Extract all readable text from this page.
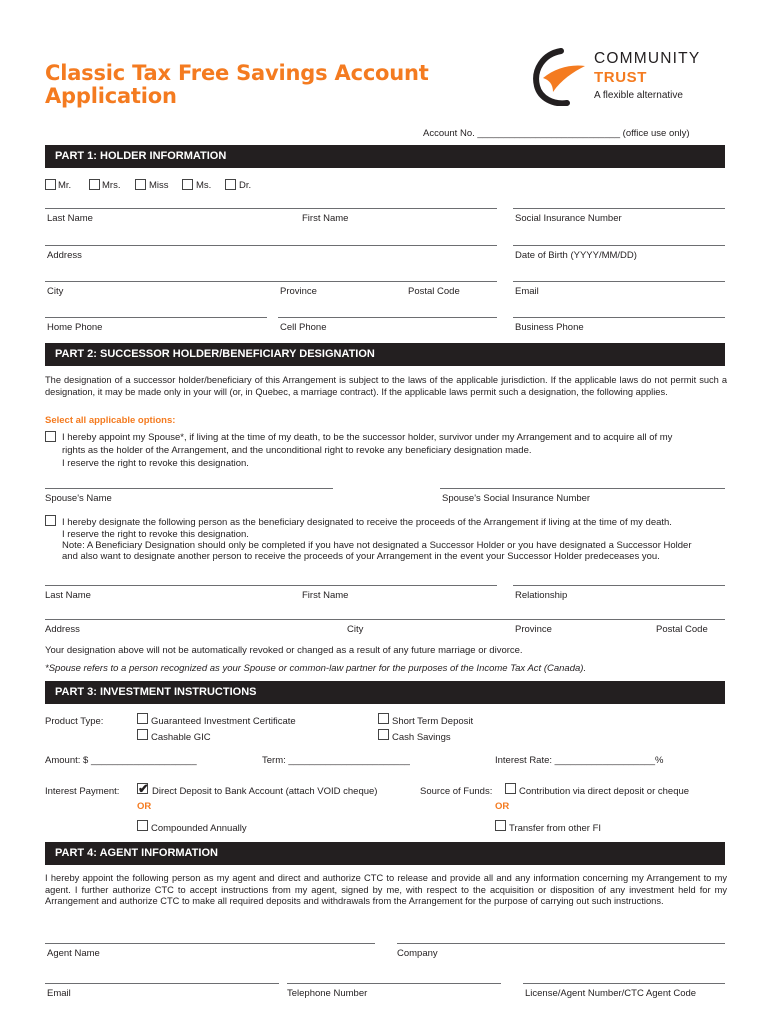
Classic Tax Free Savings Account
Application
COMMUNITY
TRUST
A flexible alternative
Account No. ___________________________ (office use only)
PART 1: HOLDER INFORMATION
Mr.	Mrs.	Miss	Ms.	Dr.
Last Name	First Name	Social Insurance Number
Address	Date of Birth (YYYY/MM/DD)
City	Province	Postal Code	Email
Home Phone	Cell Phone	Business Phone
PART 2: SUCCESSOR HOLDER/BENEFICIARY DESIGNATION
The designation of a successor holder/beneficiary of this Arrangement is subject to the laws of the applicable jurisdiction. If the applicable laws do not permit such a designation, it may be made only in your will (or, in Quebec, a marriage contract). If the applicable laws permit such a designation, the following applies.
Select all applicable options:
I hereby appoint my Spouse*, if living at the time of my death, to be the successor holder, survivor under my Arrangement and to acquire all of my
rights as the holder of the Arrangement, and the unconditional right to revoke any beneficiary designation made.
I reserve the right to revoke this designation.
Spouse's Name	Spouse's Social Insurance Number
I hereby designate the following person as the beneficiary designated to receive the proceeds of the Arrangement if living at the time of my death.
I reserve the right to revoke this designation.
Note: A Beneficiary Designation should only be completed if you have not designated a Successor Holder or you have designated a Successor Holder
and also want to designate another person to receive the proceeds of your Arrangement in the event your Successor Holder predeceases you.
Last Name	First Name	Relationship
Address	City	Province	Postal Code
Your designation above will not be automatically revoked or changed as a result of any future marriage or divorce.
*Spouse refers to a person recognized as your Spouse or common-law partner for the purposes of the Income Tax Act (Canada).
PART 3: INVESTMENT INSTRUCTIONS
Product Type:	Guaranteed Investment Certificate
Cashable GIC
Short Term Deposit
Cash Savings
Amount: $ ____________________	Term: _______________________	Interest Rate: ___________________%
Interest Payment: ✔ Direct Deposit to Bank Account (attach VOID cheque)
OR
Compounded Annually
Source of Funds:	Contribution via direct deposit or cheque
OR
Transfer from other FI
PART 4: AGENT INFORMATION
I hereby appoint the following person as my agent and direct and authorize CTC to release and provide all and any information concerning my Arrangement to my agent. I further authorize CTC to accept instructions from my agent, signed by me, with respect to the acquisition or disposition of any investment held for my Arrangement and authorize CTC to make all required deposits and withdrawals from the Arrangement for the purpose of carrying out such instructions.
Agent Name	Company
Email	Telephone Number	License/Agent Number/CTC Agent Code
